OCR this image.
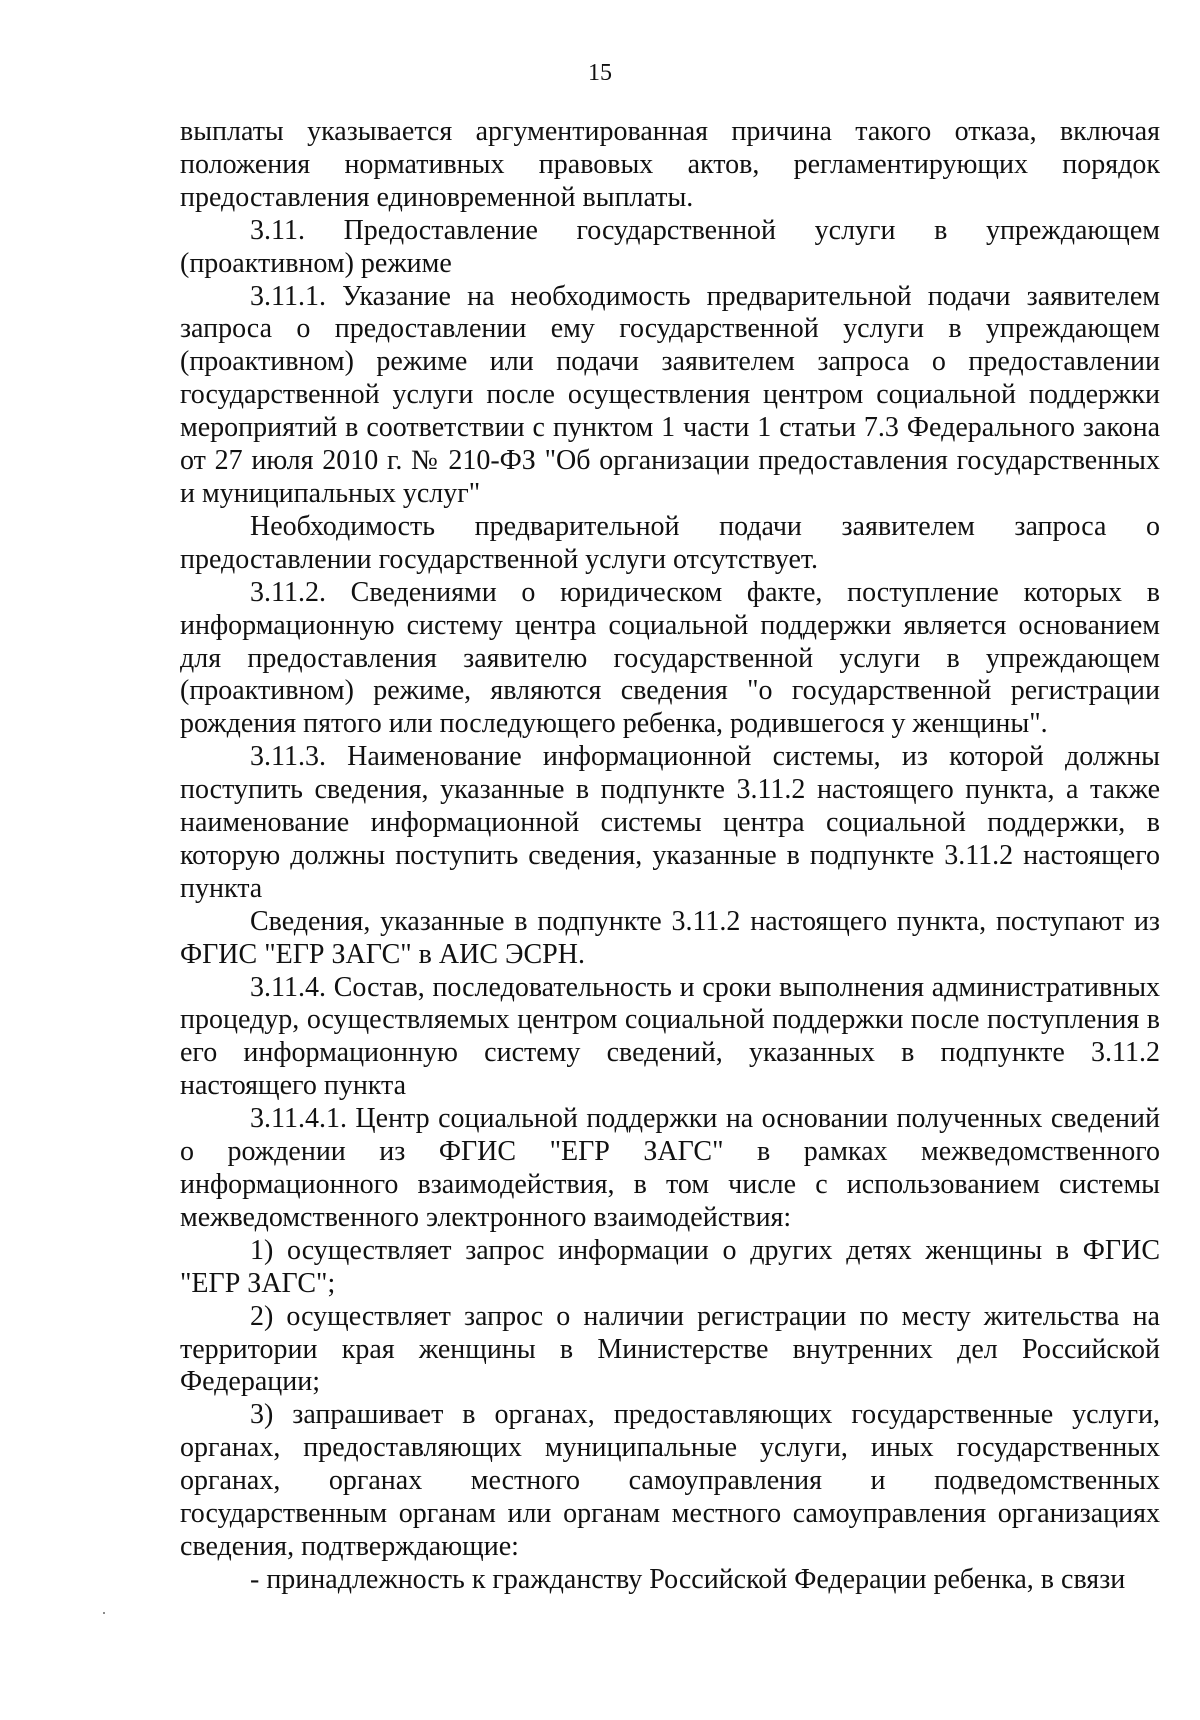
15

выплаты указывается аргументированная причина такого отказа, включая положения нормативных правовых актов, регламентирующих порядок предоставления единовременной выплаты.

3.11. Предоставление государственной услуги в упреждающем (проактивном) режиме

3.11.1. Указание на необходимость предварительной подачи заявителем запроса о предоставлении ему государственной услуги в упреждающем (проактивном) режиме или подачи заявителем запроса о предоставлении государственной услуги после осуществления центром социальной поддержки мероприятий в соответствии с пунктом 1 части 1 статьи 7.3 Федерального закона от 27 июля 2010 г. № 210-ФЗ "Об организации предоставления государственных и муниципальных услуг"

Необходимость предварительной подачи заявителем запроса о предоставлении государственной услуги отсутствует.

3.11.2. Сведениями о юридическом факте, поступление которых в информационную систему центра социальной поддержки является основанием для предоставления заявителю государственной услуги в упреждающем (проактивном) режиме, являются сведения "о государственной регистрации рождения пятого или последующего ребенка, родившегося у женщины".

3.11.3. Наименование информационной системы, из которой должны поступить сведения, указанные в подпункте 3.11.2 настоящего пункта, а также наименование информационной системы центра социальной поддержки, в которую должны поступить сведения, указанные в подпункте 3.11.2 настоящего пункта

Сведения, указанные в подпункте 3.11.2 настоящего пункта, поступают из ФГИС "ЕГР ЗАГС" в АИС ЭСРН.

3.11.4. Состав, последовательность и сроки выполнения административных процедур, осуществляемых центром социальной поддержки после поступления в его информационную систему сведений, указанных в подпункте 3.11.2 настоящего пункта

3.11.4.1. Центр социальной поддержки на основании полученных сведений о рождении из ФГИС "ЕГР ЗАГС" в рамках межведомственного информационного взаимодействия, в том числе с использованием системы межведомственного электронного взаимодействия:

1) осуществляет запрос информации о других детях женщины в ФГИС "ЕГР ЗАГС";

2) осуществляет запрос о наличии регистрации по месту жительства на территории края женщины в Министерстве внутренних дел Российской Федерации;

3) запрашивает в органах, предоставляющих государственные услуги, органах, предоставляющих муниципальные услуги, иных государственных органах, органах местного самоуправления и подведомственных государственным органам или органам местного самоуправления организациях сведения, подтверждающие:

- принадлежность к гражданству Российской Федерации ребенка, в связи
